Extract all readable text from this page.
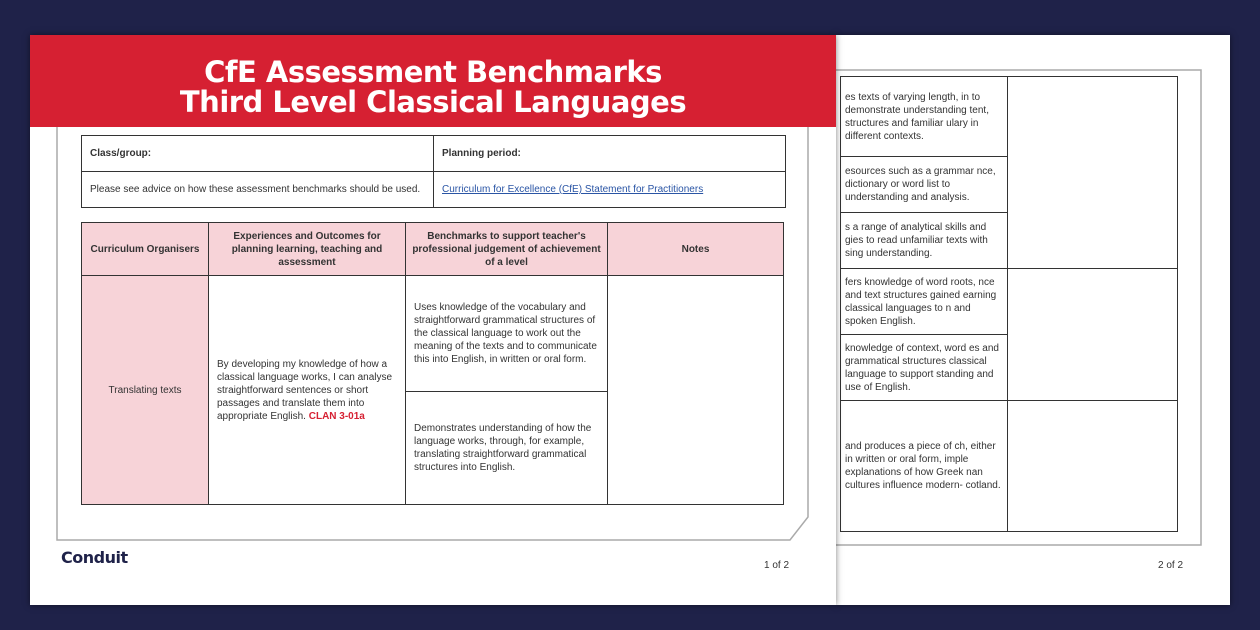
es texts of varying length, in to demonstrate understanding tent, structures and familiar ulary in different contexts.	
esources such as a grammar nce, dictionary or word list to understanding and analysis.	
s a range of analytical skills and gies to read unfamiliar texts with sing understanding.	
fers knowledge of word roots, nce and text structures gained earning classical languages to n and spoken English.	
knowledge of context, word es and grammatical structures classical language to support standing and use of English.	
and produces a piece of ch, either in written or oral form, imple explanations of how Greek nan cultures influence modern- cotland.	
2 of 2
CfE Assessment Benchmarks
Third Level Classical Languages
Class/group:	Planning period:
Please see advice on how these assessment benchmarks should be used.	Curriculum for Excellence (CfE) Statement for Practitioners
Curriculum Organisers	Experiences and Outcomes for planning learning, teaching and assessment	Benchmarks to support teacher's professional judgement of achievement of a level	Notes
Translating texts	By developing my knowledge of how a classical language works, I can analyse straightforward sentences or short passages and translate them into appropriate English. CLAN 3-01a	Uses knowledge of the vocabulary and straightforward grammatical structures of the classical language to work out the meaning of the texts and to communicate this into English, in written or oral form.	
		Demonstrates understanding of how the language works, through, for example, translating straightforward grammatical structures into English.	
Conduit	1 of 2
